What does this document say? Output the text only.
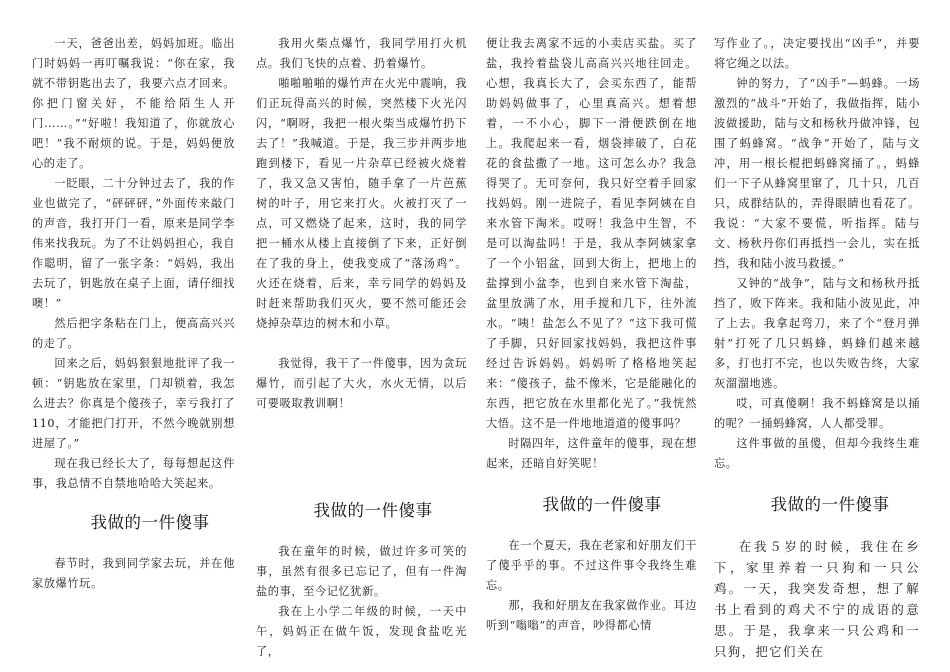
一天，爸爸出差，妈妈加班。临出门时妈妈一再叮嘱我说：“你在家，我就不带钥匙出去了，我要六点才回来。你把门窗关好，不能给陌生人开门……。”“好啦！我知道了，你就放心吧！”我不耐烦的说。于是，妈妈便放心的走了。

一眨眼，二十分钟过去了，我的作业也做完了，“砰砰砰，”外面传来敲门的声音，我打开门一看，原来是同学李伟来找我玩。为了不让妈妈担心，我自作聪明，留了一张字条：“妈妈，我出去玩了，钥匙放在桌子上面，请仔细找噢！”

然后把字条粘在门上，便高高兴兴的走了。

回来之后，妈妈狠狠地批评了我一顿：“钥匙放在家里，门却锁着，我怎么进去？你真是个傻孩子，幸亏我打了110，才能把门打开，不然今晚就别想进屋了。”

现在我已经长大了，每每想起这件事，我总情不自禁地哈哈大笑起来。

我用火柴点爆竹，我同学用打火机点。我们飞快的点着、扔着爆竹。

啪啪啪啪的爆竹声在火光中震响，我们正玩得高兴的时候，突然楼下火光闪闪，“啊呀，我把一根火柴当成爆竹扔下去了！”我喊道。于是，我三步并两步地跑到楼下，看见一片杂草已经被火烧着了，我又急又害怕，随手拿了一片芭蕉树的叶子，用它来打火。火被打灭了一点，可又燃烧了起来，这时，我的同学把一桶水从楼上直接倒了下来，正好倒在了我的身上，使我变成了“落汤鸡”。火还在烧着，后来，幸亏同学的妈妈及时赶来帮助我们灭火，要不然可能还会烧掉杂草边的树木和小草。

我觉得，我干了一件傻事，因为贪玩爆竹，而引起了大火，水火无情，以后可要吸取教训啊！

便让我去离家不远的小卖店买盐。买了盐，我拎着盐袋儿高高兴兴地往回走。心想，我真长大了，会买东西了，能帮助妈妈做事了，心里真高兴。想着想着，一不小心，脚下一滑便跌倒在地上。我爬起来一看，烟袋摔破了，白花花的食盐撒了一地。这可怎么办？我急得哭了。无可奈何，我只好空着手回家找妈妈。刚一进院子，看见李阿姨在自来水管下淘米。哎呀！我急中生智，不是可以淘盐吗！于是，我从李阿姨家拿了一个小铝盆，回到大街上，把地上的盐撑到小盆李，也到自来水管下淘盐，盆里放满了水，用手搅和几下，往外流水。“咦！盐怎么不见了？”这下我可慌了手脚，只好回家找妈妈，我把这件事经过告诉妈妈。妈妈听了格格地笑起来：“傻孩子，盐不像米，它是能融化的东西，把它放在水里都化光了。”我恍然大悟。这不是一件地地道道的傻事吗？

时隔四年，这件童年的傻事，现在想起来，还暗自好笑呢！

写作业了。，决定要找出“凶手”，并要将它绳之以法。

钟的努力，了“凶手”—蚂蜂。一场激烈的“战斗”开始了，我做指挥，陆小波做援助，陆与文和杨秋丹做冲锋，包围了蚂蜂窝。“战争”开始了，陆与文冲，用一根长棍把蚂蜂窝捅了。，蚂蜂们一下子从蜂窝里窜了，几十只，几百只，成群结队的，弄得眼睛也看花了。我说：“大家不要慌，听指挥。陆与文、杨秋丹你们再抵挡一会儿，实在抵挡，我和陆小波马救援。”

又钟的“战争”，陆与文和杨秋丹抵挡了，败下阵来。我和陆小波见此，冲了上去。我拿起弯刀，来了个“登月弹射”打死了几只蚂蜂，蚂蜂们越来越多，打也打不完，也以失败告终，大家灰溜溜地逃。

哎，可真傻啊！我不蚂蜂窝是以捅的呢？一捅蚂蜂窝，人人都受罪。

这件事做的虽傻，但却今我终生难忘。

我做的一件傻事
我做的一件傻事	我做的一件傻事	我做的一件傻事

春节时，我到同学家去玩，并在他家放爆竹玩。

我在童年的时候，做过许多可笑的事，虽然有很多已忘记了，但有一件淘盐的事，至今记忆犹新。

我在上小学二年级的时候，一天中午，妈妈正在做午饭，发现食盐吃光了，

在一个夏天，我在老家和好朋友们干了傻乎乎的事。不过这件事令我终生难忘。

那，我和好朋友在我家做作业。耳边听到“嗡嗡”的声音，吵得都心情

在我５岁的时候，我住在乡下，家里养着一只狗和一只公鸡。一天，我突发奇想，想了解书上看到的鸡犬不宁的成语的意思。于是，我拿来一只公鸡和一只狗，把它们关在
